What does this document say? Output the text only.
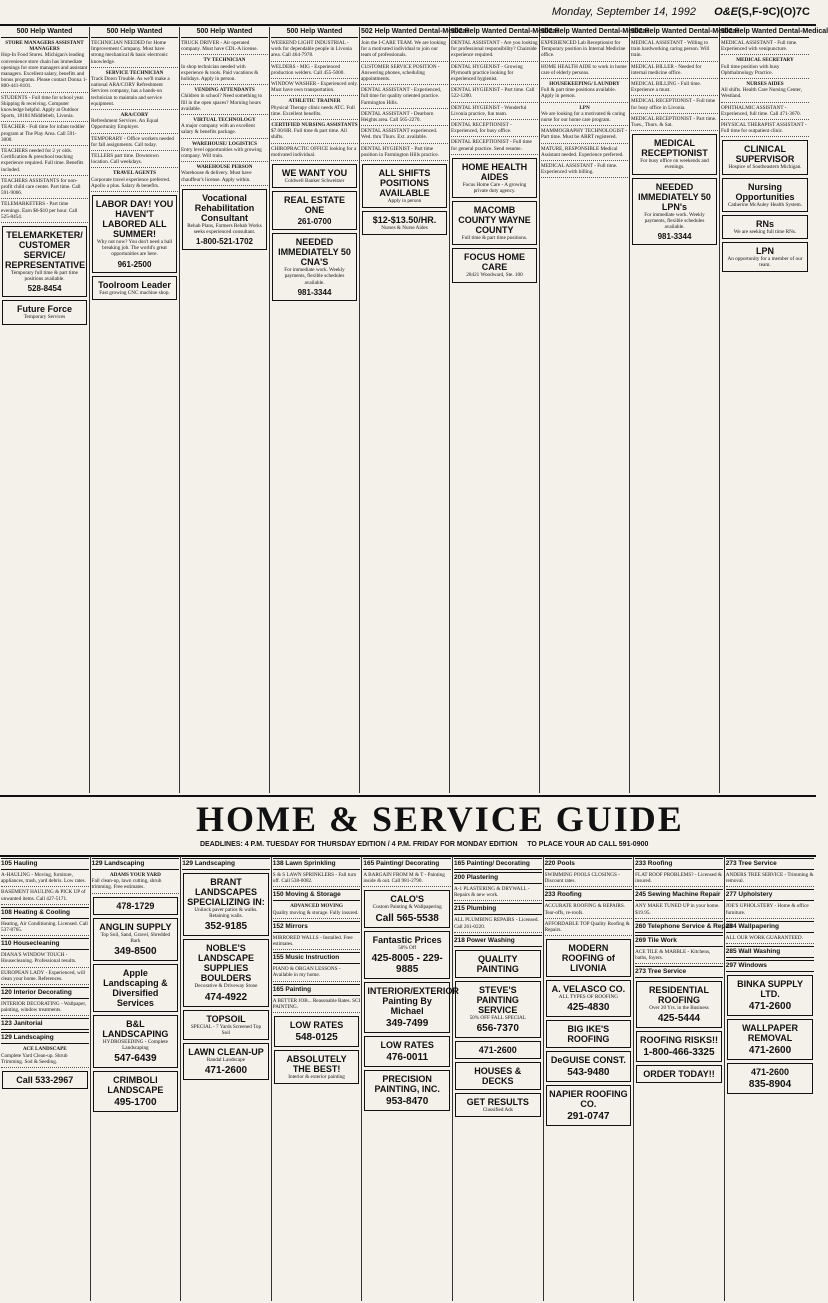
Monday, September 14, 1992 O&E (S,F-9C)(O)7C
500 Help Wanted
STORE MANAGERS ASSISTANT MANAGERS
Hop-In Food Stores. Michigan's leading convenience store chain has immediate openings for store managers and assistant managers. Excellent salary, benefits and bonus programs. Please contact Donna 1-800-441-8101.
STUDENTS - Full time for school year. Shipping & receiving. Computer knowledge helpful. Apply at Outdoor Sports, 18184 Middlebelt, Livonia.
TEACHER - Full time for infant toddler program at The Play Area. Call 591-3000.
TEACHERS needed for 2 yr olds. Certification & preschool teaching experience required. Full time. Benefits included.
TEACHERS ASSISTANTS for non-profit child care center. Part time. Call 591-9066.
TELEMARKETERS - Part time evenings. Earn $6-$10 per hour. Call 525-8454.
TELEMARKETER/ CUSTOMER SERVICE/ REPRESENTATIVE
Temporary full time & part time positions available.
528-8454
Future Force
Temporary Services
500 Help Wanted
TECHNICIAN NEEDED for Home Improvement Company. Must have strong mechanical & basic electronic knowledge.
SERVICE TECHNICIAN
Track Down Trouble. As we'll make a national ARA/CORY Refreshment Services company, has a hands-on technician to maintain and service equipment.
ARA/CORY
Refreshment Services. An Equal Opportunity Employer.
TEMPORARY - Office workers needed for fall assignments. Call today.
TELLERS part time. Downtown location. Call weekdays.
TRAVEL AGENTS
Corporate travel experience preferred. Apollo a plus. Salary & benefits.
LABOR DAY! YOU HAVEN'T LABORED ALL SUMMER!
Why not now? You don't need a ball breaking job. The world's great opportunities are here.
961-2500
Toolroom Leader
Fast growing CNC machine shop.
500 Help Wanted
TRUCK DRIVER - Air operated company. Must have CDL-A license.
TV TECHNICIAN
In shop technician needed with experience & tools. Paid vacations & holidays. Apply in person.
VENDING ATTENDANTS
Children in school? Need something to fill in the open spaces? Morning hours available.
VIRTUAL TECHNOLOGY
A major company with an excellent salary & benefits package.
WAREHOUSE/ LOGISTICS
Entry level opportunities with growing company. Will train.
WAREHOUSE PERSON
Warehouse & delivery. Must have chauffeur's license. Apply within.
Vocational Rehabilitation Consultant
Rehab Plans, Farmers Rehab Works seeks experienced consultant.
1-800-521-1702
500 Help Wanted
WEEKEND LIGHT INDUSTRIAL - work for dependable people in Livonia area. Call 464-7978.
WELDERS - MIG - Experienced production welders. Call 455-5000.
WINDOW WASHER - Experienced only. Must have own transportation.
ATHLETIC TRAINER
Physical Therapy clinic needs ATC. Full time. Excellent benefits.
CERTIFIED NURSING ASSISTANTS
$7.00/HR. Full time & part time. All shifts.
CHIROPRACTIC OFFICE looking for a motivated individual.
WE WANT YOU
Coldwell Banker Schweitzer
REAL ESTATE ONE
261-0700
NEEDED IMMEDIATELY 50 CNA'S
For immediate work. Weekly payments, flexible schedules available.
981-3344
502 Help Wanted Dental-Medical
Join the I-CARE TEAM. We are looking for a motivated individual to join our team of professionals.
CUSTOMER SERVICE POSITION - Answering phones, scheduling appointments.
DENTAL ASSISTANT - Experienced, full time for quality oriented practice. Farmington Hills.
DENTAL ASSISTANT - Dearborn Heights area. Call 565-2270.
DENTAL ASSISTANT experienced. Wed. thru Thurs. Ext. available.
DENTAL HYGIENIST - Part time position in Farmington Hills practice.
ALL SHIFTS POSITIONS AVAILABLE
Apply in person
$12-$13.50/HR.
Nurses & Nurse Aides
502 Help Wanted Dental-Medical
DENTAL ASSISTANT - Are you looking for professional responsibility? Chairside experience required.
DENTAL HYGIENIST - Growing Plymouth practice looking for experienced hygienist.
DENTAL HYGIENIST - Part time. Call 522-1200.
DENTAL HYGIENIST - Wonderful Livonia practice, fun team.
DENTAL RECEPTIONIST - Experienced, for busy office.
DENTAL RECEPTIONIST - Full time for general practice. Send resume.
HOME HEALTH AIDES
Focus Home Care - A growing private duty agency.
MACOMB COUNTY WAYNE COUNTY
Full time & part time positions.
FOCUS HOME CARE
28421 Woodward, Ste. 100
502 Help Wanted Dental-Medical
EXPERIENCED Lab Receptionist for Temporary position in Internal Medicine office.
HOME HEALTH AIDE to work in home care of elderly persons.
HOUSEKEEPING/ LAUNDRY
Full & part time positions available. Apply in person.
LPN
We are looking for a motivated & caring nurse for our home care program.
MAMMOGRAPHY TECHNOLOGIST - Part time. Must be ARRT registered.
MATURE, RESPONSIBLE Medical Assistant needed. Experience preferred.
MEDICAL ASSISTANT - Full time. Experienced with billing.
502 Help Wanted Dental-Medical
MEDICAL ASSISTANT - Willing to train hardworking caring person. Will train.
MEDICAL BILLER - Needed for internal medicine office.
MEDICAL BILLING - Full time. Experience a must.
MEDICAL RECEPTIONIST - Full time for busy office in Livonia.
MEDICAL RECEPTIONIST - Part time. Tues., Thurs. & Sat.
MEDICAL RECEPTIONIST
For busy office on weekends and evenings.
NEEDED IMMEDIATELY 50 LPN's
For immediate work. Weekly payments, flexible schedules available.
981-3344
502 Help Wanted Dental-Medical
MEDICAL ASSISTANT - Full time. Experienced with venipuncture.
MEDICAL SECRETARY
Full time position with busy Ophthalmology Practice.
NURSES AIDES
All shifts. Health Care Nursing Center, Westland.
OPHTHALMIC ASSISTANT - Experienced, full time. Call 471-3670.
PHYSICAL THERAPIST ASSISTANT - Full time for outpatient clinic.
CLINICAL SUPERVISOR
Hospice of Southeastern Michigan.
Nursing Opportunities
Catherine McAuley Health System.
RNs
We are seeking full time RNs.
LPN
An opportunity for a member of our team.
HOME & SERVICE GUIDE
DEADLINES: 4 P.M. TUESDAY FOR THURSDAY EDITION / 4 P.M. FRIDAY FOR MONDAY EDITION TO PLACE YOUR AD CALL 591-0900
105 Hauling
A-HAULING - Moving, furniture, appliances, trash, yard debris. Low rates.
BASEMENT HAULING & PICK UP of unwanted items. Call 427-5171.
108 Heating & Cooling
Heating, Air Conditioning. Licensed. Call 537-8765.
110 Housecleaning
DIANA'S WINDOW TOUCH - Housecleaning. Professional results.
EUROPEAN LADY - Experienced, will clean your home. References.
120 Interior Decorating
INTERIOR DECORATING - Wallpaper, painting, window treatments.
123 Janitorial
129 Landscaping
ACE LANDSCAPE
Complete Yard Clean-up. Shrub Trimming. Sod & Seeding.
Call 533-2967
129 Landscaping
ADAMS YOUR YARD
Fall clean-up, lawn cutting, shrub trimming. Free estimates.
478-1729
ANGLIN SUPPLY
Top Soil, Sand, Gravel, Shredded Bark
349-8500
Apple Landscaping & Diversified Services
B&L LANDSCAPING
HYDROSEEDING - Complete Landscaping
547-6439
CRIMBOLI LANDSCAPE
495-1700
129 Landscaping
BRANT LANDSCAPES SPECIALIZING IN:
Unilock paver patios & walks. Retaining walls.
352-9185
NOBLE'S LANDSCAPE SUPPLIES BOULDERS
Decorative & Driveway Stone
474-4922
TOPSOIL
SPECIAL - 7 Yards Screened Top Soil
LAWN CLEAN-UP
Randal Landscape
471-2600
138 Lawn Sprinkling
S & S LAWN SPRINKLERS - Fall turn off. Call 538-0082.
150 Moving & Storage
ADVANCED MOVING
Quality moving & storage. Fully insured.
152 Mirrors
MIRRORED WALLS - Installed. Free estimates.
155 Music Instruction
PIANO & ORGAN LESSONS - Available in my home.
165 Painting
A BETTER JOB... Reasonable Rates. SCI PAINTING.
LOW RATES
548-0125
ABSOLUTELY THE BEST!
Interior & exterior painting
165 Painting/ Decorating
A BARGAIN FROM M & T - Painting inside & out. Call 981-2790.
CALO'S
Custom Painting & Wallpapering
Call 565-5538
Fantastic Prices
50% Off
425-8005 - 229-9885
INTERIOR/EXTERIOR Painting By Michael
349-7499
LOW RATES
476-0011
PRECISION PAINTING, INC.
953-8470
165 Painting/ Decorating
200 Plastering
A-1 PLASTERING & DRYWALL - Repairs & new work.
215 Plumbing
ALL PLUMBING REPAIRS - Licensed. Call 261-0220.
218 Power Washing
QUALITY PAINTING
STEVE'S PAINTING SERVICE
50% OFF FALL SPECIAL
656-7370
471-2600
HOUSES & DECKS
GET RESULTS
Classified Ads
220 Pools
SWIMMING POOLS CLOSINGS - Discount rates.
233 Roofing
ACCURATE ROOFING & REPAIRS. Tear-offs, re-roofs.
AFFORDABLE TOP Quality Roofing & Repairs.
MODERN ROOFING of LIVONIA
A. VELASCO CO.
ALL TYPES OF ROOFING
425-4830
BIG IKE'S ROOFING
DeGUISE CONST.
543-9480
NAPIER ROOFING CO.
291-0747
233 Roofing
FLAT ROOF PROBLEMS? - Licensed & insured.
245 Sewing Machine Repair
ANY MAKE TUNED UP in your home. $19.95.
260 Telephone Service & Repair
269 Tile Work
ACE TILE & MARBLE - Kitchens, baths, foyers.
273 Tree Service
RESIDENTIAL ROOFING
Over 20 Yrs. in the Business
425-5444
ROOFING RISKS!!
1-800-466-3325
ORDER TODAY!!
273 Tree Service
ANDERS TREE SERVICE - Trimming & removal.
277 Upholstery
JOE'S UPHOLSTERY - Home & office furniture.
284 Wallpapering
ALL OUR WORK GUARANTEED.
285 Wall Washing
297 Windows
BINKA SUPPLY LTD.
471-2600
WALLPAPER REMOVAL
471-2600
471-2600
835-8904
